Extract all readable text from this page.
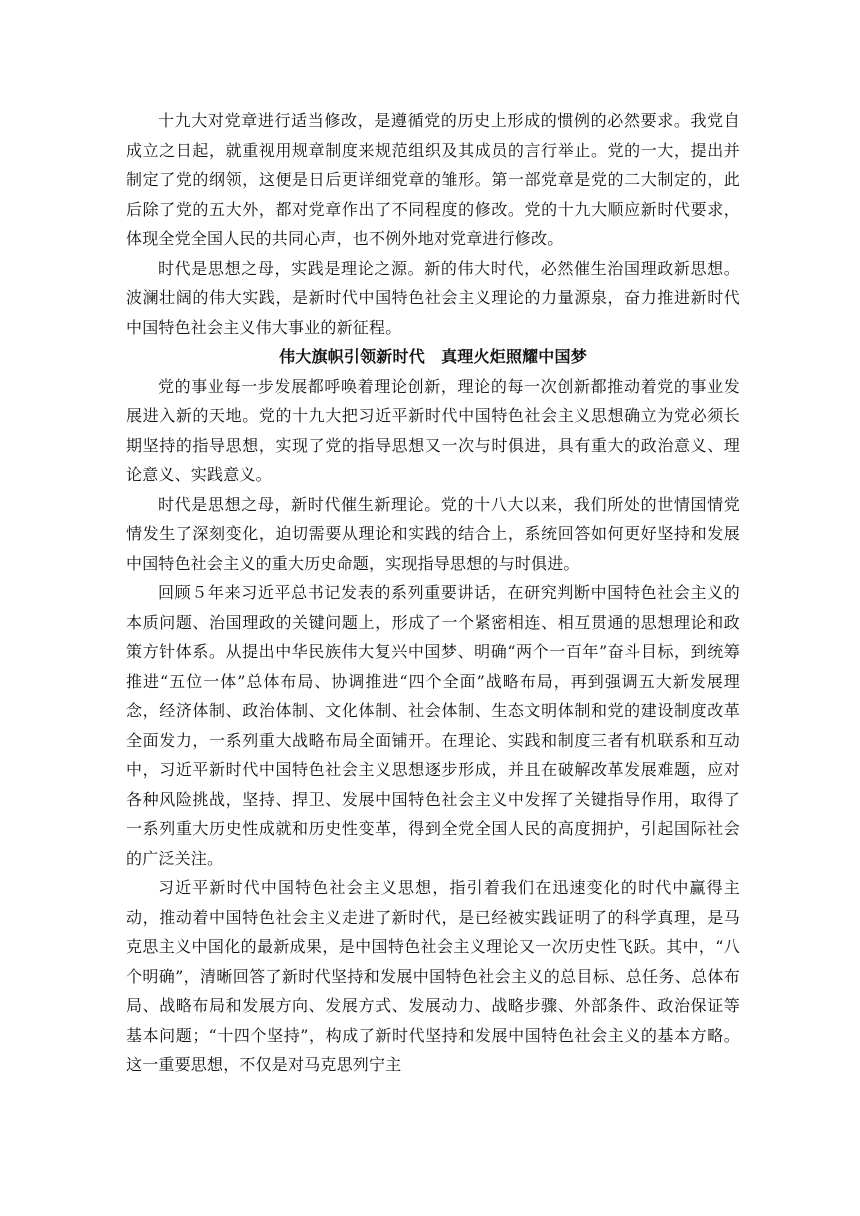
十九大对党章进行适当修改，是遵循党的历史上形成的惯例的必然要求。我党自成立之日起，就重视用规章制度来规范组织及其成员的言行举止。党的一大，提出并制定了党的纲领，这便是日后更详细党章的雏形。第一部党章是党的二大制定的，此后除了党的五大外，都对党章作出了不同程度的修改。党的十九大顺应新时代要求，体现全党全国人民的共同心声，也不例外地对党章进行修改。

时代是思想之母，实践是理论之源。新的伟大时代，必然催生治国理政新思想。波澜壮阔的伟大实践，是新时代中国特色社会主义理论的力量源泉，奋力推进新时代中国特色社会主义伟大事业的新征程。

伟大旗帜引领新时代　真理火炬照耀中国梦

党的事业每一步发展都呼唤着理论创新，理论的每一次创新都推动着党的事业发展进入新的天地。党的十九大把习近平新时代中国特色社会主义思想确立为党必须长期坚持的指导思想，实现了党的指导思想又一次与时俱进，具有重大的政治意义、理论意义、实践意义。

时代是思想之母，新时代催生新理论。党的十八大以来，我们所处的世情国情党情发生了深刻变化，迫切需要从理论和实践的结合上，系统回答如何更好坚持和发展中国特色社会主义的重大历史命题，实现指导思想的与时俱进。

回顾５年来习近平总书记发表的系列重要讲话，在研究判断中国特色社会主义的本质问题、治国理政的关键问题上，形成了一个紧密相连、相互贯通的思想理论和政策方针体系。从提出中华民族伟大复兴中国梦、明确“两个一百年”奋斗目标，到统筹推进“五位一体”总体布局、协调推进“四个全面”战略布局，再到强调五大新发展理念，经济体制、政治体制、文化体制、社会体制、生态文明体制和党的建设制度改革全面发力，一系列重大战略布局全面铺开。在理论、实践和制度三者有机联系和互动中，习近平新时代中国特色社会主义思想逐步形成，并且在破解改革发展难题，应对各种风险挑战，坚持、捍卫、发展中国特色社会主义中发挥了关键指导作用，取得了一系列重大历史性成就和历史性变革，得到全党全国人民的高度拥护，引起国际社会的广泛关注。

习近平新时代中国特色社会主义思想，指引着我们在迅速变化的时代中赢得主动，推动着中国特色社会主义走进了新时代，是已经被实践证明了的科学真理，是马克思主义中国化的最新成果，是中国特色社会主义理论又一次历史性飞跃。其中，“八个明确”，清晰回答了新时代坚持和发展中国特色社会主义的总目标、总任务、总体布局、战略布局和发展方向、发展方式、发展动力、战略步骤、外部条件、政治保证等基本问题；“十四个坚持”，构成了新时代坚持和发展中国特色社会主义的基本方略。这一重要思想，不仅是对马克思列宁主
